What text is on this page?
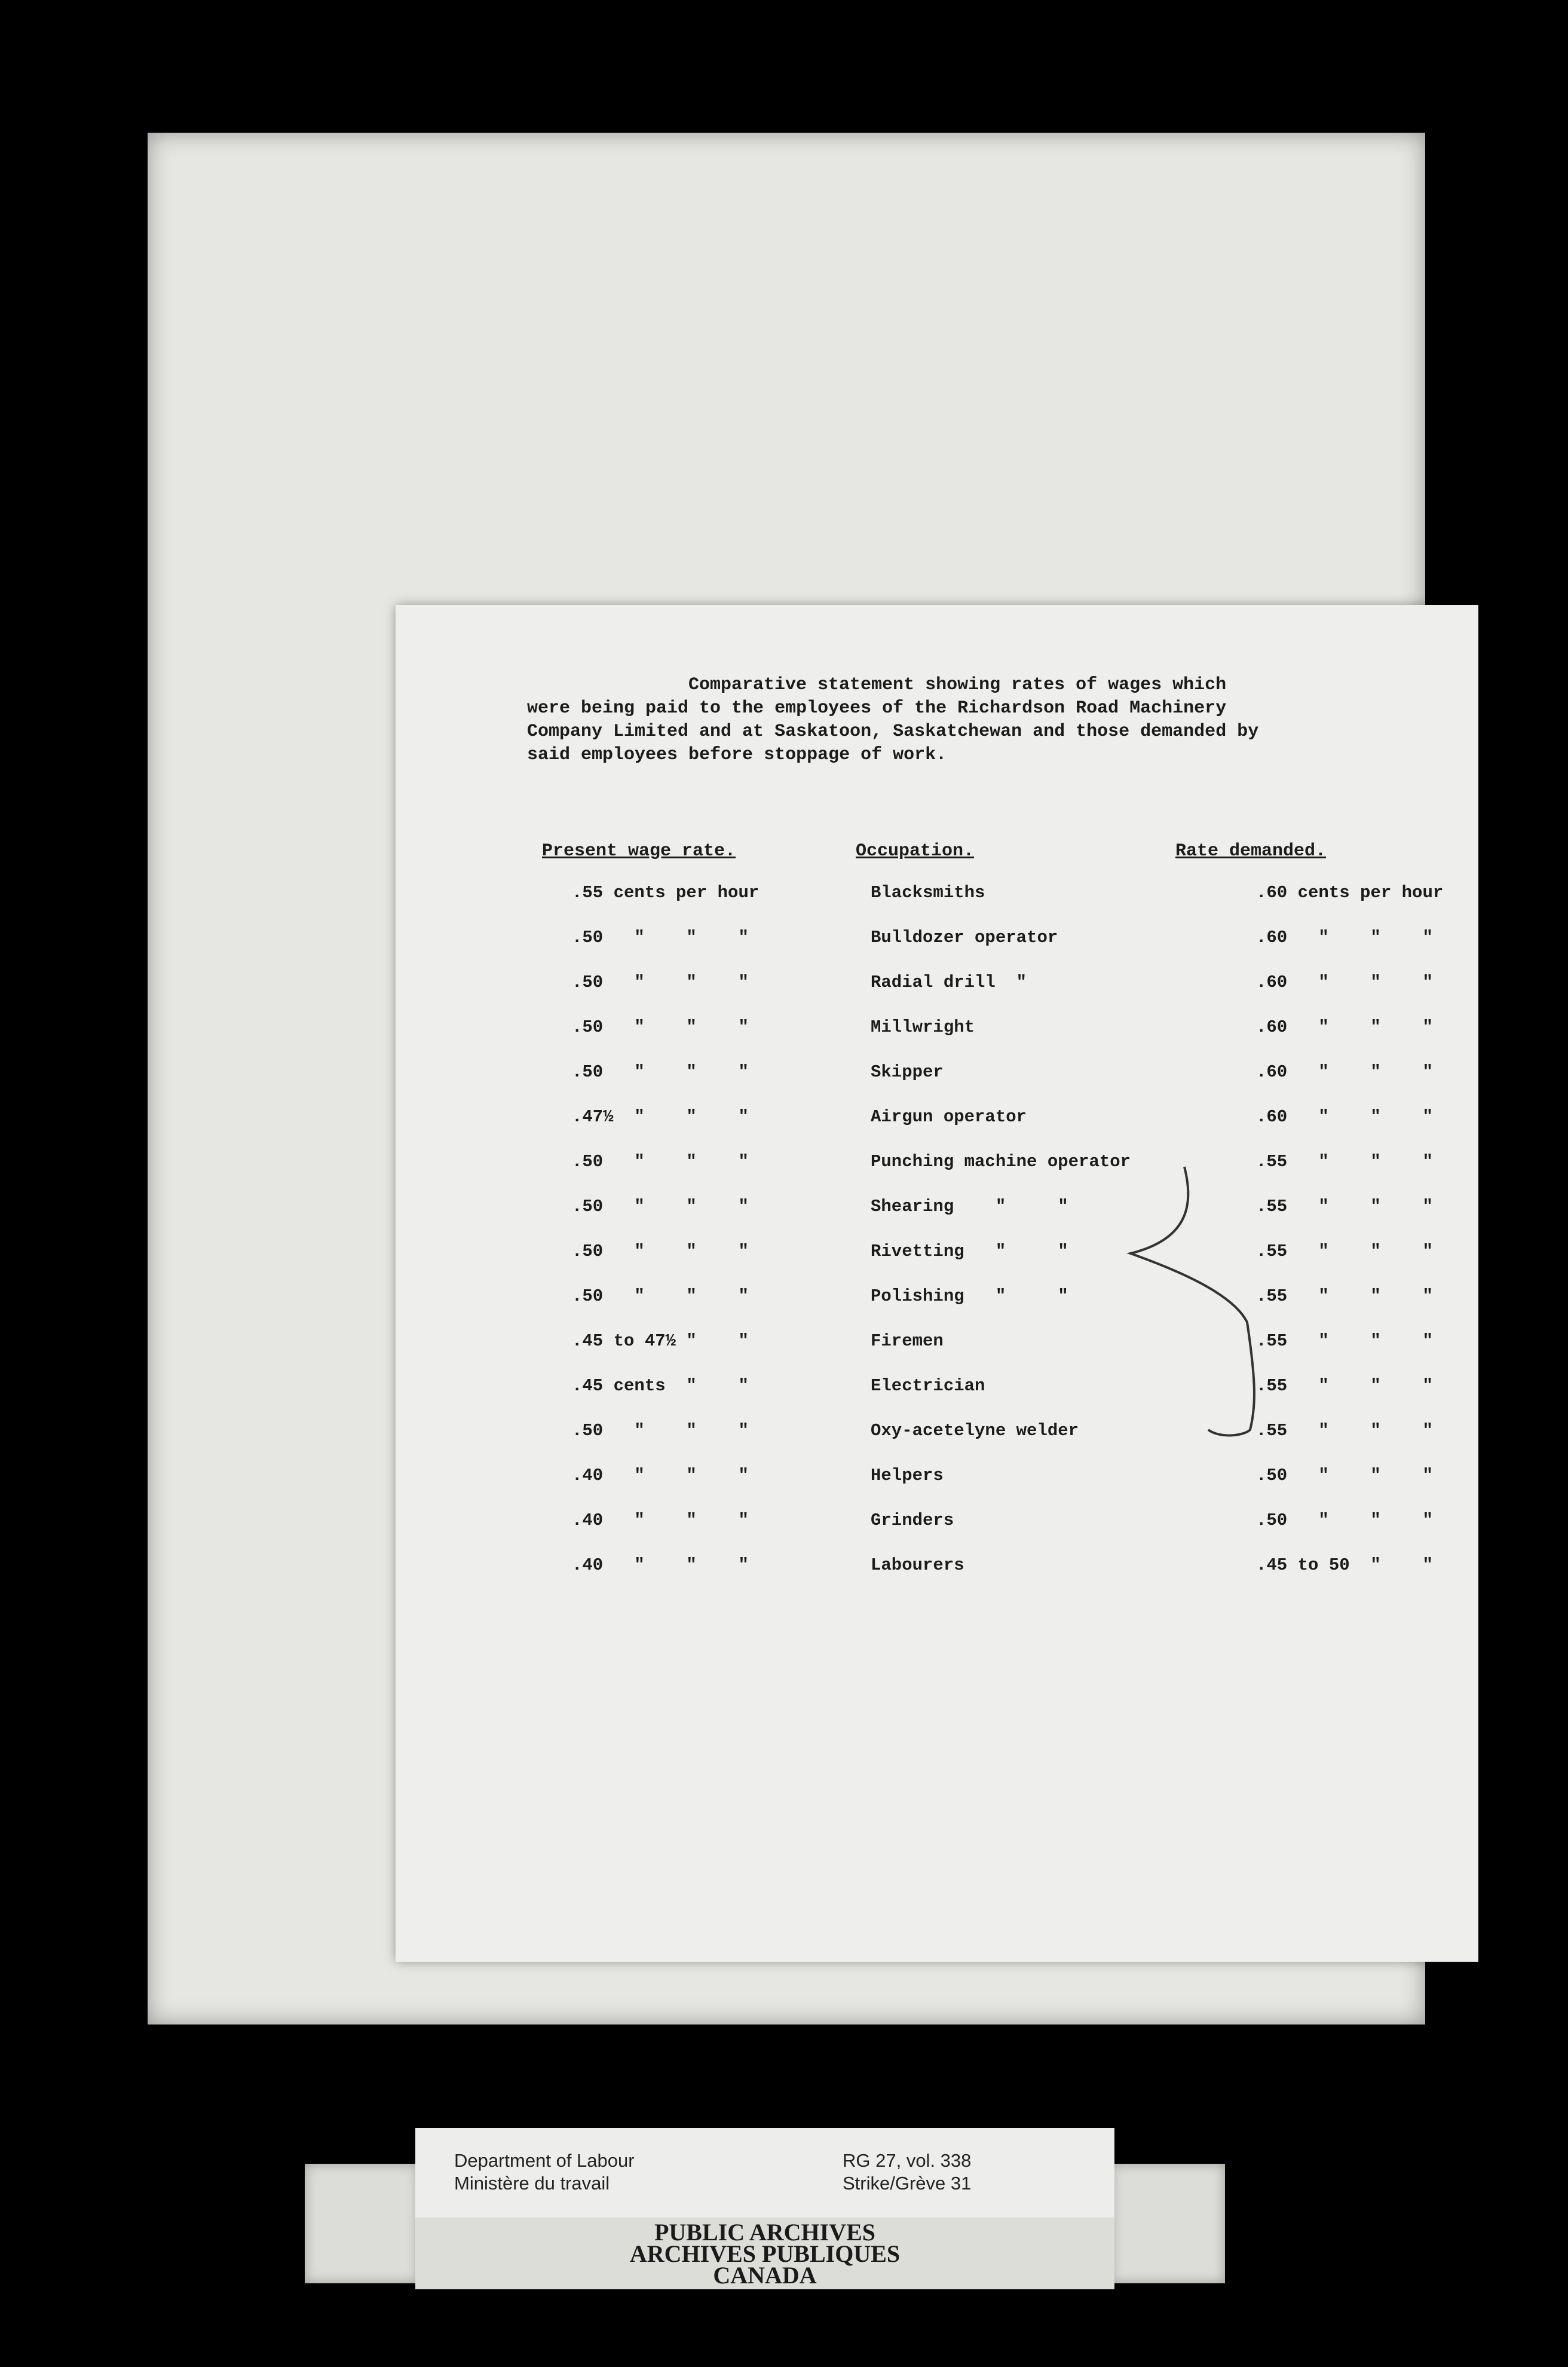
Comparative statement showing rates of wages which
were being paid to the employees of the Richardson Road Machinery
Company Limited and at Saskatoon, Saskatchewan and those demanded by
said employees before stoppage of work.
Present wage rate.	Occupation.	Rate demanded.
.55 cents per hour	Blacksmiths	.60 cents per hour
.50   "    "    "	Bulldozer operator	.60   "    "    "
.50   "    "    "	Radial drill  "	.60   "    "    "
.50   "    "    "	Millwright	.60   "    "    "
.50   "    "    "	Skipper	.60   "    "    "
.47½  "    "    "	Airgun operator	.60   "    "    "
.50   "    "    "	Punching machine operator	.55   "    "    "
.50   "    "    "	Shearing    "     "	.55   "    "    "
.50   "    "    "	Rivetting   "     "	.55   "    "    "
.50   "    "    "	Polishing   "     "	.55   "    "    "
.45 to 47½ "    "	Firemen	.55   "    "    "
.45 cents  "    "	Electrician	.55   "    "    "
.50   "    "    "	Oxy-acetelyne welder	.55   "    "    "
.40   "    "    "	Helpers	.50   "    "    "
.40   "    "    "	Grinders	.50   "    "    "
.40   "    "    "	Labourers	.45 to 50  "    "
Department of Labour
Ministère du travail
RG 27, vol. 338
Strike/Grève 31
PUBLIC ARCHIVES
ARCHIVES PUBLIQUES
CANADA
